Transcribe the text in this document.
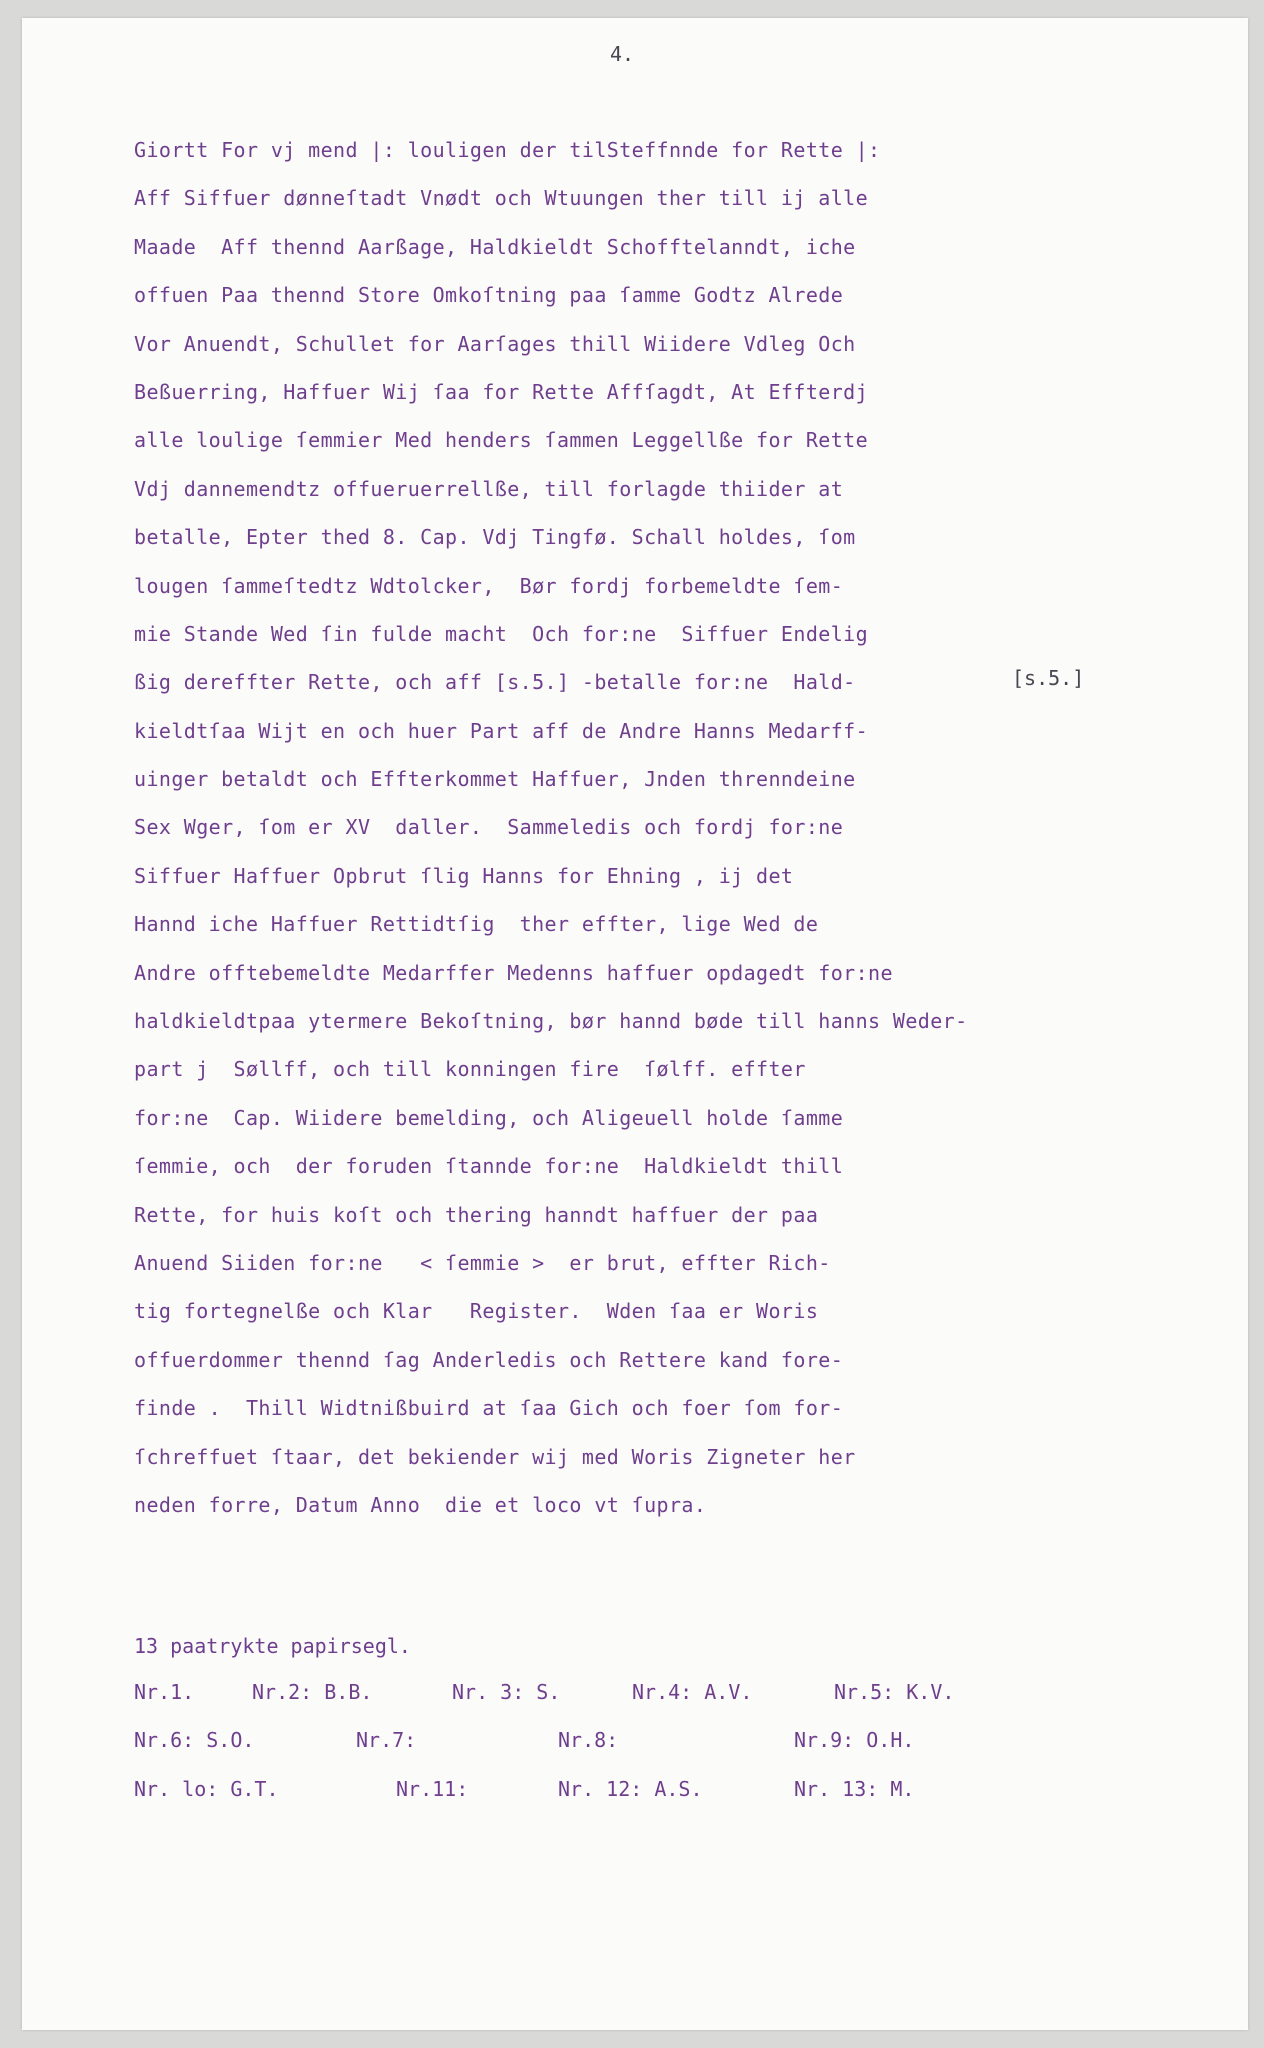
4.
Giortt For vj mend |: louligen der tilSteffnnde for Rette |:
Aff Siffuer dønneſtadt Vnødt och Wtuungen ther till ij alle
Maade  Aff thennd Aarßage, Haldkieldt Schofftelanndt, iche
offuen Paa thennd Store Omkoſtning paa ſamme Godtz Alrede
Vor Anuendt, Schullet for Aarſages thill Wiidere Vdleg Och
Beßuerring, Haffuer Wij ſaa for Rette Affſagdt, At Effterdj
alle loulige ſemmier Med henders ſammen Leggellße for Rette
Vdj dannemendtz offueruerrellße, till forlagde thiider at
betalle, Epter thed 8. Cap. Vdj Tingfø. Schall holdes, ſom
lougen ſammeſtedtz Wdtolcker,  Bør fordj forbemeldte ſem-
mie Stande Wed ſin fulde macht  Och for:ne  Siffuer Endelig
ßig dereffter Rette, och aff [s.5.] -betalle for:ne  Hald-
kieldtſaa Wijt en och huer Part aff de Andre Hanns Medarff-
uinger betaldt och Effterkommet Haffuer, Jnden threnndeine
Sex Wger, ſom er XV  daller.  Sammeledis och fordj for:ne
Siffuer Haffuer Opbrut ſlig Hanns for Ehning , ij det
Hannd iche Haffuer Rettidtſig  ther effter, lige Wed de
Andre offtebemeldte Medarffer Medenns haffuer opdagedt for:ne
haldkieldtpaa ytermere Bekoſtning, bør hannd bøde till hanns Weder-
part j  Søllff, och till konningen fire  ſølff. effter
for:ne  Cap. Wiidere bemelding, och Aligeuell holde ſamme
ſemmie, och  der foruden ſtannde for:ne  Haldkieldt thill
Rette, for huis koſt och thering hanndt haffuer der paa
Anuend Siiden for:ne   < ſemmie >  er brut, effter Rich-
tig fortegnelße och Klar   Register.  Wden ſaa er Woris
offuerdommer thennd ſag Anderledis och Rettere kand fore-
finde .  Thill Widtnißbuird at ſaa Gich och foer ſom for-
ſchreffuet ſtaar, det bekiender wij med Woris Zigneter her
neden forre, Datum Anno  die et loco vt ſupra.
[s.5.]
13 paatrykte papirsegl.
Nr.1.	Nr.2: B.B.	Nr. 3: S.	Nr.4: A.V.	Nr.5: K.V.
Nr.6: S.O.	Nr.7:	Nr.8:	Nr.9: O.H.
Nr. lo: G.T.	Nr.11:	Nr. 12: A.S.	Nr. 13: M.
